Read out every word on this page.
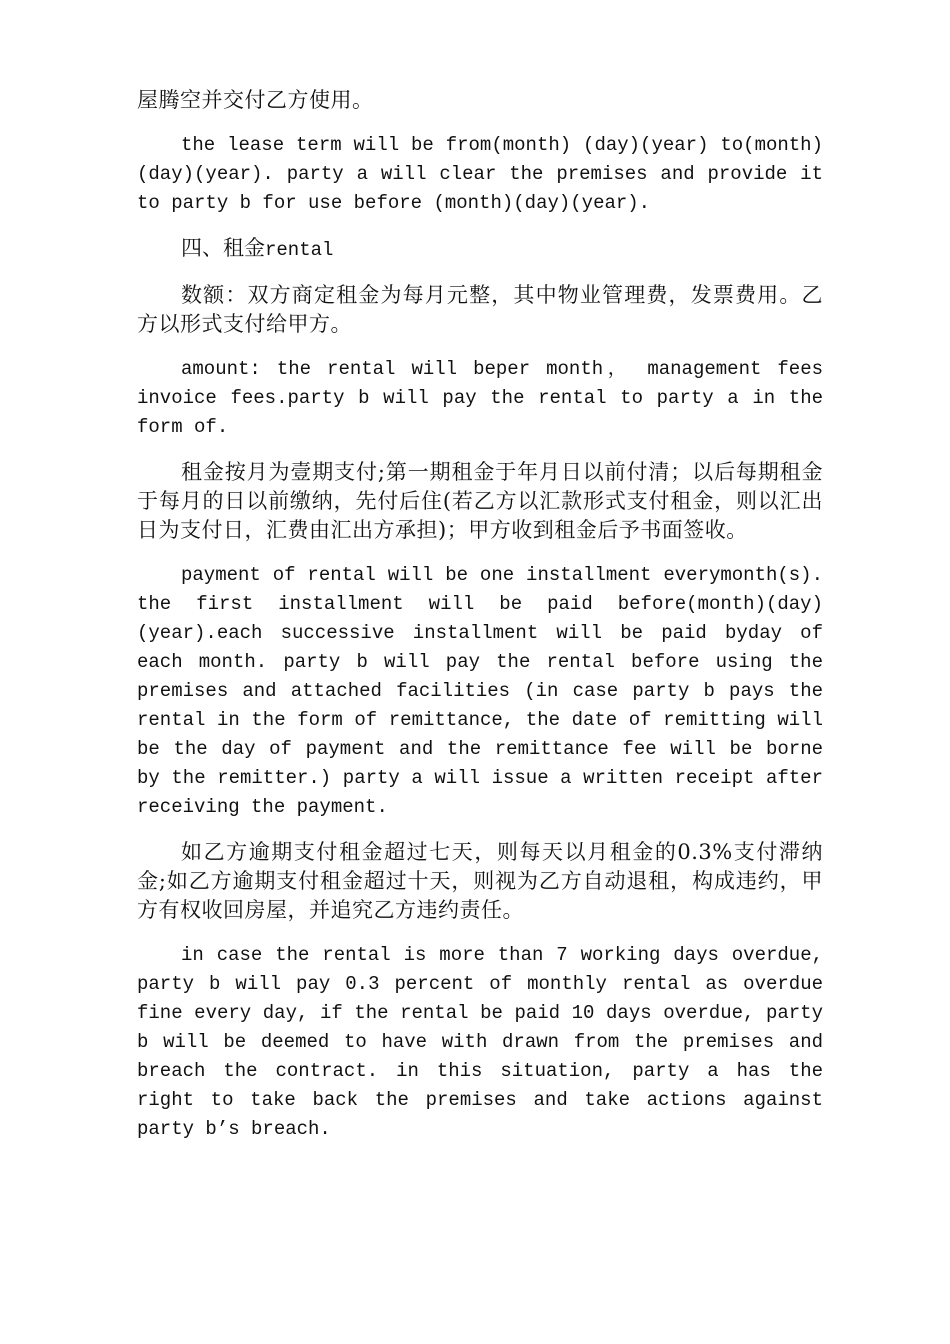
屋腾空并交付乙方使用。

the lease term will be from(month) (day)(year) to(month) (day)(year). party a will clear the premises and provide it to party b for use before (month)(day)(year).

四、租金rental

数额：双方商定租金为每月元整，其中物业管理费，发票费用。乙方以形式支付给甲方。

amount: the rental will beper month， management fees invoice fees.party b will pay the rental to party a in the form of.

租金按月为壹期支付;第一期租金于年月日以前付清；以后每期租金于每月的日以前缴纳，先付后住(若乙方以汇款形式支付租金，则以汇出日为支付日，汇费由汇出方承担)；甲方收到租金后予书面签收。

payment of rental will be one installment everymonth(s). the first installment will be paid before(month)(day)(year).each successive installment will be paid byday of each month. party b will pay the rental before using the premises and attached facilities (in case party b pays the rental in the form of remittance, the date of remitting will be the day of payment and the remittance fee will be borne by the remitter.) party a will issue a written receipt after receiving the payment.

如乙方逾期支付租金超过七天，则每天以月租金的0.3%支付滞纳金;如乙方逾期支付租金超过十天，则视为乙方自动退租，构成违约，甲方有权收回房屋，并追究乙方违约责任。

in case the rental is more than 7 working days overdue, party b will pay 0.3 percent of monthly rental as overdue fine every day, if the rental be paid 10 days overdue, party b will be deemed to have with drawn from the premises and breach the contract. in this situation, party a has the right to take back the premises and take actions against party b’s breach.
